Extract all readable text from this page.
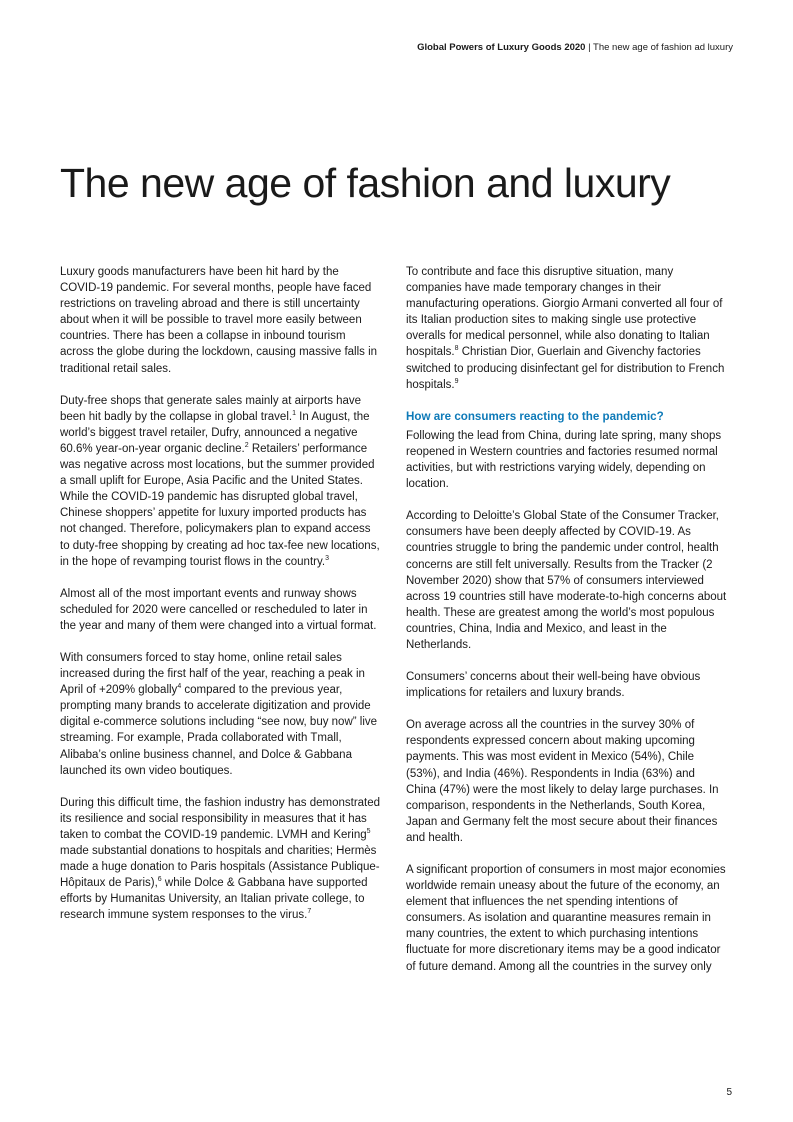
Global Powers of Luxury Goods 2020 | The new age of fashion ad luxury
The new age of fashion and luxury

Luxury goods manufacturers have been hit hard by the COVID-19 pandemic. For several months, people have faced restrictions on traveling abroad and there is still uncertainty about when it will be possible to travel more easily between countries. There has been a collapse in inbound tourism across the globe during the lockdown, causing massive falls in traditional retail sales.

Duty-free shops that generate sales mainly at airports have been hit badly by the collapse in global travel.$^1$ In August, the world’s biggest travel retailer, Dufry, announced a negative 60.6% year-on-year organic decline.$^2$ Retailers’ performance was negative across most locations, but the summer provided a small uplift for Europe, Asia Pacific and the United States. While the COVID-19 pandemic has disrupted global travel, Chinese shoppers’ appetite for luxury imported products has not changed. Therefore, policymakers plan to expand access to duty-free shopping by creating ad hoc tax-fee new locations, in the hope of revamping tourist flows in the country.$^3$

Almost all of the most important events and runway shows scheduled for 2020 were cancelled or rescheduled to later in the year and many of them were changed into a virtual format.

With consumers forced to stay home, online retail sales increased during the first half of the year, reaching a peak in April of +209% globally$^4$ compared to the previous year, prompting many brands to accelerate digitization and provide digital e-commerce solutions including “see now, buy now” live streaming. For example, Prada collaborated with Tmall, Alibaba’s online business channel, and Dolce & Gabbana launched its own video boutiques.

During this difficult time, the fashion industry has demonstrated its resilience and social responsibility in measures that it has taken to combat the COVID-19 pandemic. LVMH and Kering$^5$ made substantial donations to hospitals and charities; Hermès made a huge donation to Paris hospitals (Assistance Publique-Hôpitaux de Paris),$^6$ while Dolce & Gabbana have supported efforts by Humanitas University, an Italian private college, to research immune system responses to the virus.$^7$

To contribute and face this disruptive situation, many companies have made temporary changes in their manufacturing operations. Giorgio Armani converted all four of its Italian production sites to making single use protective overalls for medical personnel, while also donating to Italian hospitals.$^8$ Christian Dior, Guerlain and Givenchy factories switched to producing disinfectant gel for distribution to French hospitals.$^9$

How are consumers reacting to the pandemic?

Following the lead from China, during late spring, many shops reopened in Western countries and factories resumed normal activities, but with restrictions varying widely, depending on location.

According to Deloitte’s Global State of the Consumer Tracker, consumers have been deeply affected by COVID-19. As countries struggle to bring the pandemic under control, health concerns are still felt universally. Results from the Tracker (2 November 2020) show that 57% of consumers interviewed across 19 countries still have moderate-to-high concerns about health. These are greatest among the world’s most populous countries, China, India and Mexico, and least in the Netherlands.

Consumers’ concerns about their well-being have obvious implications for retailers and luxury brands.

On average across all the countries in the survey 30% of respondents expressed concern about making upcoming payments. This was most evident in Mexico (54%), Chile (53%), and India (46%). Respondents in India (63%) and China (47%) were the most likely to delay large purchases. In comparison, respondents in the Netherlands, South Korea, Japan and Germany felt the most secure about their finances and health.

A significant proportion of consumers in most major economies worldwide remain uneasy about the future of the economy, an element that influences the net spending intentions of consumers. As isolation and quarantine measures remain in many countries, the extent to which purchasing intentions fluctuate for more discretionary items may be a good indicator of future demand. Among all the countries in the survey only

5
